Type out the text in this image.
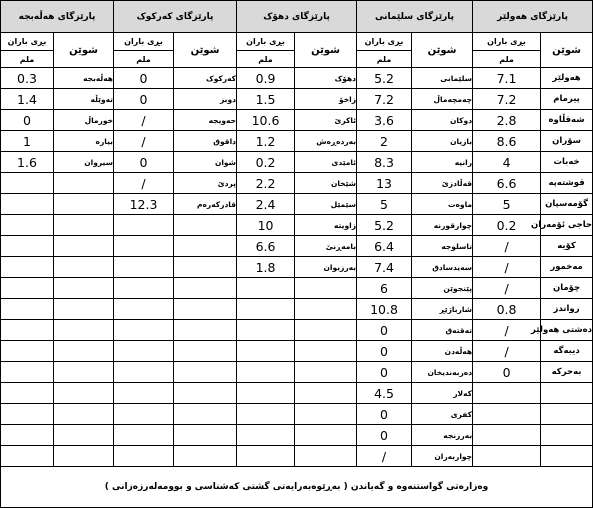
پارێزگای هەڵەبجە		پارێزگای کەرکوک		پارێزگای دهۆک		پارێزگای سلێمانی		پارێزگای هەولێر	
بڕی باران	شوێن	بڕی باران	شوێن	بڕی باران	شوێن	بڕی باران	شوێن	بڕی باران	شوێن
ملم		ملم		ملم		ملم		ملم	
0.3	هەڵەبجە	0	کەرکوک	0.9	دهۆک	5.2	سلێمانی	7.1	هەولێر
1.4	تەوێڵە	0	دوبز	1.5	زاخۆ	7.2	چەمچەماڵ	7.2	پیرمام
0	خورماڵ	/	حەویجە	10.6	ئاکرێ	3.6	دوکان	2.8	شەقڵاوە
1	بیارە	/	داقوق	1.2	بەردەڕەش	2	بازیان	8.6	سۆران
1.6	سیروان	0	شوان	0.2	ئامێدی	8.3	رانیە	4	خەبات
		/	پردێ	2.2	شێخان	13	قەڵادزێ	6.6	قوشتەپە
		12.3	قادرکەرەم	2.4	سێمێل	5	ماوەت	5	گۆمەسپان
				10	زاویتە	5.2	چوارقورنە	0.2	حاجی ئۆمەران
				6.6	بامەڕنێ	6.4	تاسلوجە	/	کۆیە
				1.8	بەرزیوان	7.4	سەیدسادق	/	مەخمور
						6	پێنجوێن	/	چۆمان
						10.8	شارباژێڕ	0.8	رواندز
						0	تەقتەق	/	دەشتی هەولێر
						0	هەڵەدن	/	دیبەگە
						0	دەربەندیخان	0	بەحرکە
						4.5	کەلار		
						0	کفری		
						0	بەرزنجە		
						/	چواربەران		
وەزارەتی گواستنەوە و گەیاندن ( بەڕێوەبەرایەتی گشتی کەشناسی و بوومەلەرزەزانی )									
